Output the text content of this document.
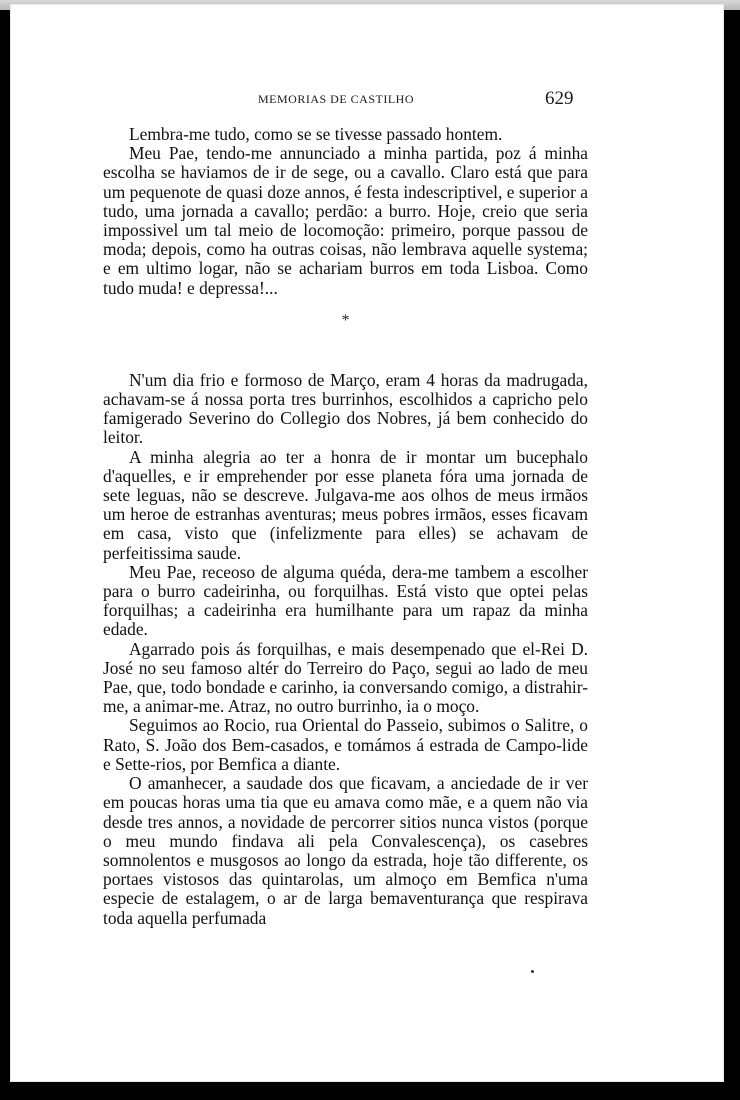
MEMORIAS DE CASTILHO	629

Lembra-me tudo, como se se tivesse passado hontem.

Meu Pae, tendo-me annunciado a minha partida, poz á minha escolha se haviamos de ir de sege, ou a cavallo. Claro está que para um pequenote de quasi doze annos, é festa indescriptivel, e superior a tudo, uma jornada a cavallo; perdão: a burro. Hoje, creio que seria impossivel um tal meio de locomoção: primeiro, porque passou de moda; depois, como ha outras coisas, não lembrava aquelle systema; e em ultimo logar, não se achariam burros em toda Lisboa. Como tudo muda! e depressa!...

*

N'um dia frio e formoso de Março, eram 4 horas da madrugada, achavam-se á nossa porta tres burrinhos, escolhidos a capricho pelo famigerado Severino do Collegio dos Nobres, já bem conhecido do leitor.

A minha alegria ao ter a honra de ir montar um bucephalo d'aquelles, e ir emprehender por esse planeta fóra uma jornada de sete leguas, não se descreve. Julgava-me aos olhos de meus irmãos um heroe de estranhas aventuras; meus pobres irmãos, esses ficavam em casa, visto que (infelizmente para elles) se achavam de perfeitissima saude.

Meu Pae, receoso de alguma quéda, dera-me tambem a escolher para o burro cadeirinha, ou forquilhas. Está visto que optei pelas forquilhas; a cadeirinha era humilhante para um rapaz da minha edade.

Agarrado pois ás forquilhas, e mais desempenado que el-Rei D. José no seu famoso altér do Terreiro do Paço, segui ao lado de meu Pae, que, todo bondade e carinho, ia conversando comigo, a distrahir-me, a animar-me. Atraz, no outro burrinho, ia o moço.

Seguimos ao Rocio, rua Oriental do Passeio, subimos o Salitre, o Rato, S. João dos Bem-casados, e tomámos á estrada de Campo-lide e Sette-rios, por Bemfica a diante.

O amanhecer, a saudade dos que ficavam, a anciedade de ir ver em poucas horas uma tia que eu amava como mãe, e a quem não via desde tres annos, a novidade de percorrer sitios nunca vistos (porque o meu mundo findava ali pela Convalescença), os casebres somnolentos e musgosos ao longo da estrada, hoje tão differente, os portaes vistosos das quintarolas, um almoço em Bemfica n'uma especie de estalagem, o ar de larga bemaventurança que respirava toda aquella perfumada
